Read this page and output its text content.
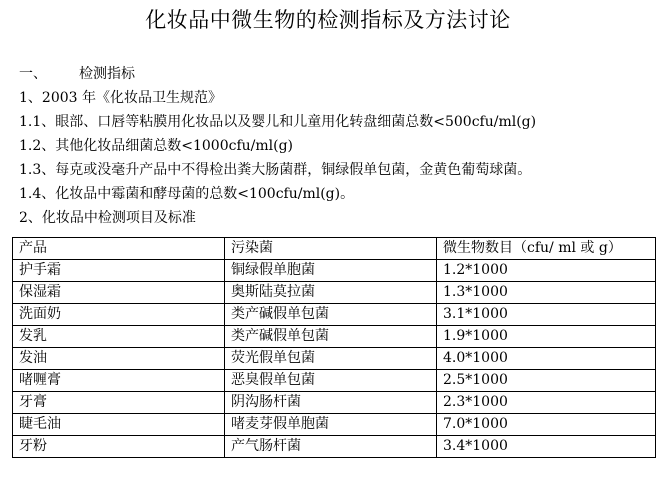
化妆品中微生物的检测指标及方法讨论
一、 检测指标
1、2003 年《化妆品卫生规范》
1.1、眼部、口唇等粘膜用化妆品以及婴儿和儿童用化转盘细菌总数<500cfu/ml(g)
1.2、其他化妆品细菌总数<1000cfu/ml(g)
1.3、每克或没毫升产品中不得检出粪大肠菌群，铜绿假单包菌，金黄色葡萄球菌。
1.4、化妆品中霉菌和酵母菌的总数<100cfu/ml(g)。
2、化妆品中检测项目及标准
产品	污染菌	微生物数目（cfu/ ml 或 g）
护手霜	铜绿假单胞菌	1.2*1000
保湿霜	奥斯陆莫拉菌	1.3*1000
洗面奶	类产碱假单包菌	3.1*1000
发乳	类产碱假单包菌	1.9*1000
发油	荧光假单包菌	4.0*1000
啫喱膏	恶臭假单包菌	2.5*1000
牙膏	阴沟肠杆菌	2.3*1000
睫毛油	啫麦芽假单胞菌	7.0*1000
牙粉	产气肠杆菌	3.4*1000
